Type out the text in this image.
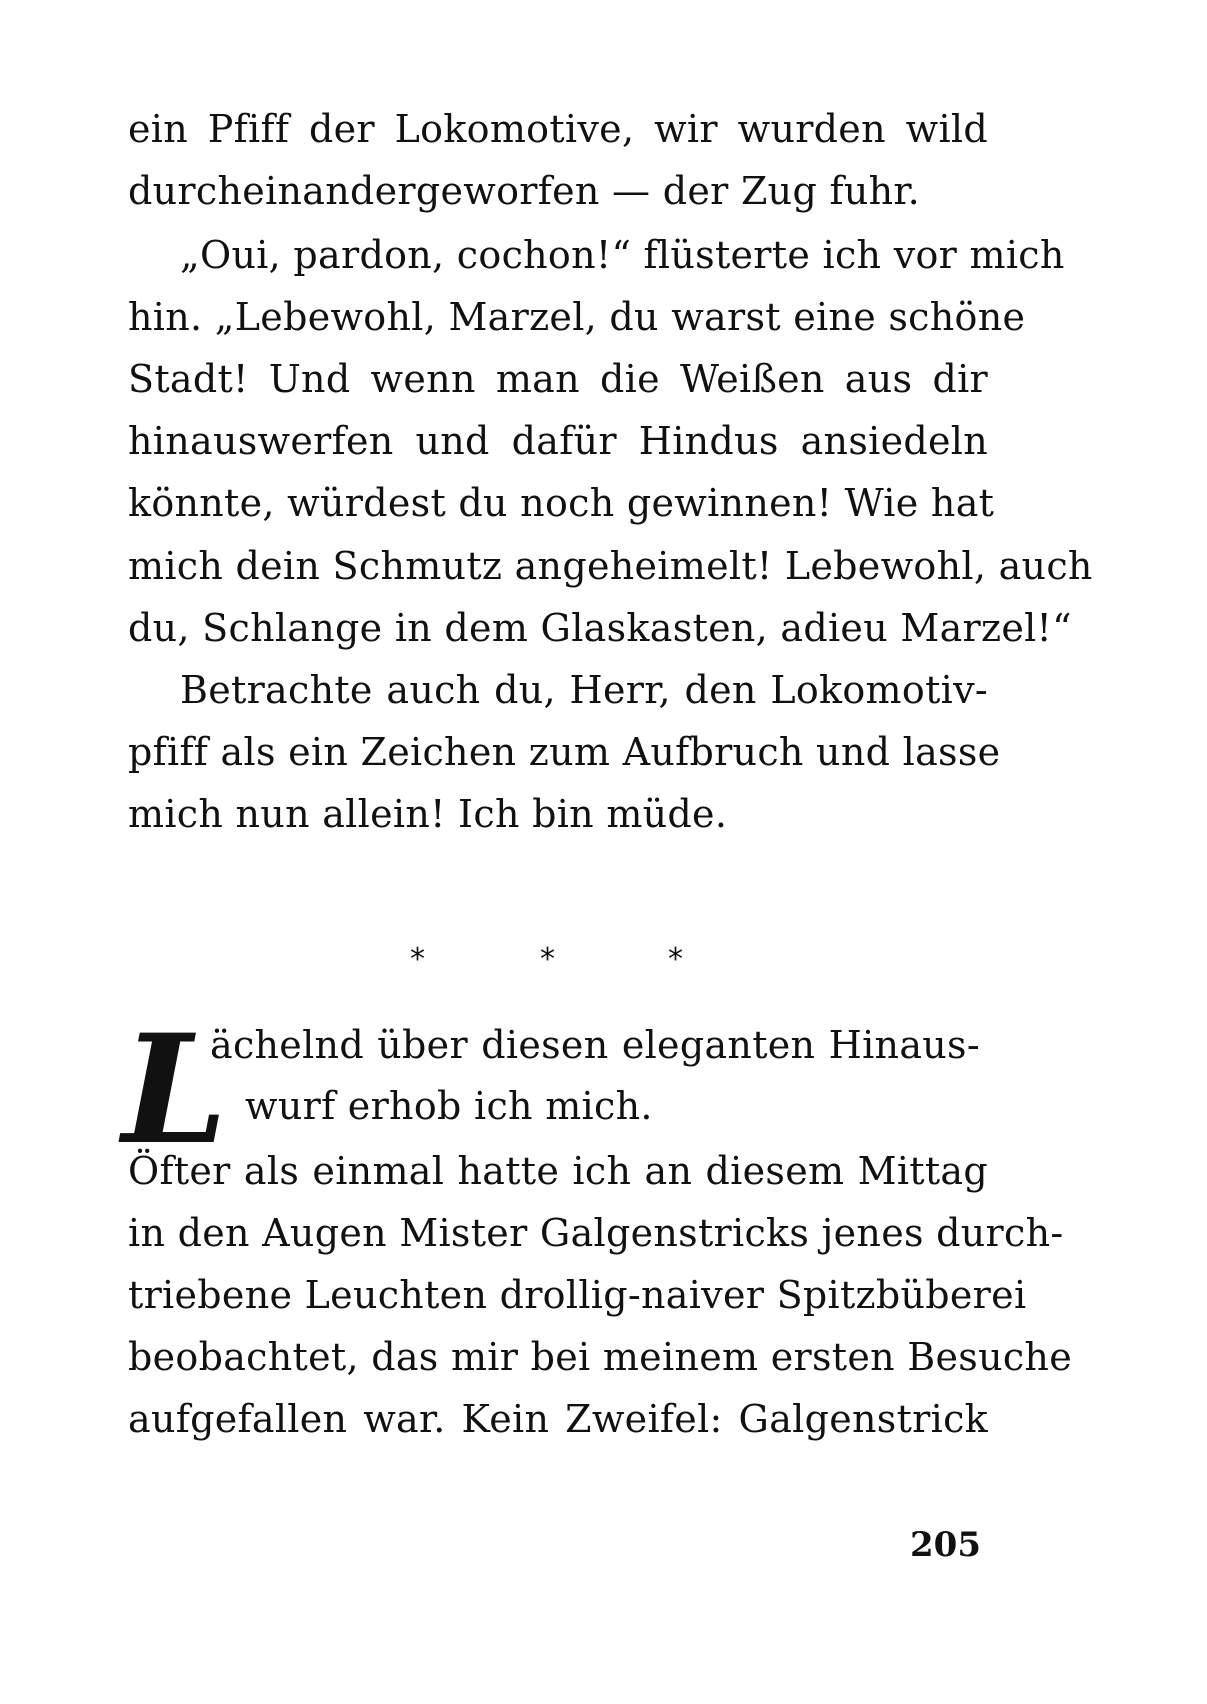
ein Pfiff der Lokomotive, wir wurden wild
durcheinandergeworfen — der Zug fuhr.
„Oui, pardon, cochon!“ flüsterte ich vor mich
hin. „Lebewohl, Marzel, du warst eine schöne
Stadt! Und wenn man die Weißen aus dir
hinauswerfen und dafür Hindus ansiedeln
könnte, würdest du noch gewinnen! Wie hat
mich dein Schmutz angeheimelt! Lebewohl, auch
du, Schlange in dem Glaskasten, adieu Marzel!“
Betrachte auch du, Herr, den Lokomotiv-
pfiff als ein Zeichen zum Aufbruch und lasse
mich nun allein! Ich bin müde.
*	*	*
L
ächelnd über diesen eleganten Hinaus-
wurf erhob ich mich.
Öfter als einmal hatte ich an diesem Mittag
in den Augen Mister Galgenstricks jenes durch-
triebene Leuchten drollig-naiver Spitzbüberei
beobachtet, das mir bei meinem ersten Besuche
aufgefallen war. Kein Zweifel: Galgenstrick
205
